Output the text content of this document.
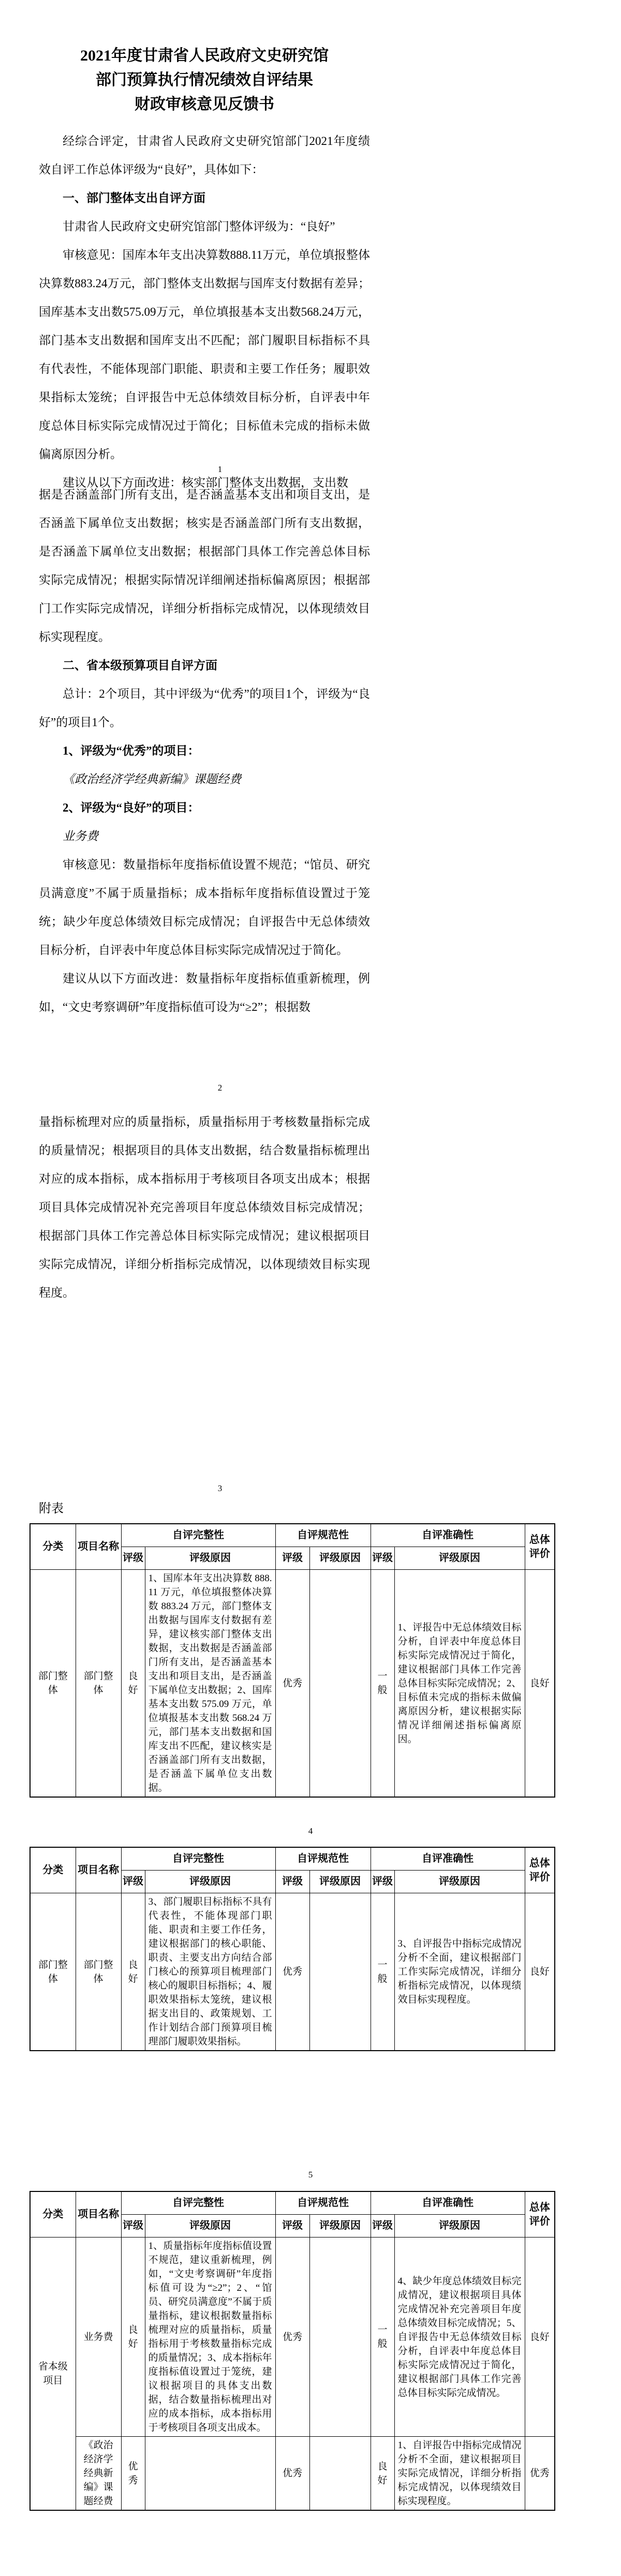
2021年度甘肃省人民政府文史研究馆
部门预算执行情况绩效自评结果
财政审核意见反馈书

经综合评定，甘肃省人民政府文史研究馆部门2021年度绩效自评工作总体评级为“良好”，具体如下：

一、部门整体支出自评方面

甘肃省人民政府文史研究馆部门整体评级为：“良好”

审核意见：国库本年支出决算数888.11万元，单位填报整体决算数883.24万元，部门整体支出数据与国库支付数据有差异；国库基本支出数575.09万元，单位填报基本支出数568.24万元，部门基本支出数据和国库支出不匹配；部门履职目标指标不具有代表性，不能体现部门职能、职责和主要工作任务；履职效果指标太笼统；自评报告中无总体绩效目标分析，自评表中年度总体目标实际完成情况过于简化；目标值未完成的指标未做偏离原因分析。

建议从以下方面改进：核实部门整体支出数据，支出数

1

据是否涵盖部门所有支出，是否涵盖基本支出和项目支出，是否涵盖下属单位支出数据；核实是否涵盖部门所有支出数据，是否涵盖下属单位支出数据；根据部门具体工作完善总体目标实际完成情况；根据实际情况详细阐述指标偏离原因；根据部门工作实际完成情况，详细分析指标完成情况，以体现绩效目标实现程度。

二、省本级预算项目自评方面

总计：2个项目，其中评级为“优秀”的项目1个，评级为“良好”的项目1个。

1、评级为“优秀”的项目：

《政治经济学经典新编》课题经费

2、评级为“良好”的项目：

业务费

审核意见：数量指标年度指标值设置不规范；“馆员、研究员满意度”不属于质量指标；成本指标年度指标值设置过于笼统；缺少年度总体绩效目标完成情况；自评报告中无总体绩效目标分析，自评表中年度总体目标实际完成情况过于简化。

建议从以下方面改进：数量指标年度指标值重新梳理，例如，“文史考察调研”年度指标值可设为“≥2”；根据数

2

量指标梳理对应的质量指标，质量指标用于考核数量指标完成的质量情况；根据项目的具体支出数据，结合数量指标梳理出对应的成本指标，成本指标用于考核项目各项支出成本；根据项目具体完成情况补充完善项目年度总体绩效目标完成情况；根据部门具体工作完善总体目标实际完成情况；建议根据项目实际完成情况，详细分析指标完成情况，以体现绩效目标实现程度。

3
附表
分类	项目名称	自评完整性		自评规范性		自评准确性		总体评价
		评级	评级原因	评级	评级原因	评级	评级原因	
部门整体	部门整体	良好	1、国库本年支出决算数 888.11 万元，单位填报整体决算数 883.24 万元，部门整体支出数据与国库支付数据有差异，建议核实部门整体支出数据，支出数据是否涵盖部门所有支出，是否涵盖基本支出和项目支出，是否涵盖下属单位支出数据；2、国库基本支出数 575.09 万元，单位填报基本支出数 568.24 万元，部门基本支出数据和国库支出不匹配，建议核实是否涵盖部门所有支出数据，是否涵盖下属单位支出数据。	优秀		一般	1、评报告中无总体绩效目标分析，自评表中年度总体目标实际完成情况过于简化，建议根据部门具体工作完善总体目标实际完成情况；2、目标值未完成的指标未做偏离原因分析，建议根据实际情况详细阐述指标偏离原因。	良好
4
分类	项目名称	自评完整性		自评规范性		自评准确性		总体评价
		评级	评级原因	评级	评级原因	评级	评级原因	
部门整体	部门整体	良好	3、部门履职目标指标不具有代表性，不能体现部门职能、职责和主要工作任务，建议根据部门的核心职能、职责、主要支出方向结合部门核心的预算项目梳理部门核心的履职目标指标；4、履职效果指标太笼统，建议根据支出目的、政策规划、工作计划结合部门预算项目梳理部门履职效果指标。	优秀		一般	3、自评报告中指标完成情况分析不全面，建议根据部门工作实际完成情况，详细分析指标完成情况，以体现绩效目标实现程度。	良好
5
分类	项目名称	自评完整性		自评规范性		自评准确性		总体评价
		评级	评级原因	评级	评级原因	评级	评级原因	
省本级项目	业务费	良好	1、质量指标年度指标值设置不规范，建议重新梳理，例如，“文史考察调研”年度指标值可设为“≥2”；2、“馆员、研究员满意度”不属于质量指标，建议根据数量指标梳理对应的质量指标，质量指标用于考核数量指标完成的质量情况；3、成本指标年度指标值设置过于笼统，建议根据项目的具体支出数据，结合数量指标梳理出对应的成本指标，成本指标用于考核项目各项支出成本。	优秀		一般	4、缺少年度总体绩效目标完成情况，建议根据项目具体完成情况补充完善项目年度总体绩效目标完成情况；5、自评报告中无总体绩效目标分析，自评表中年度总体目标实际完成情况过于简化，建议根据部门具体工作完善总体目标实际完成情况。	良好
	《政治经济学经典新编》课题经费	优秀		优秀		良好	1、自评报告中指标完成情况分析不全面，建议根据项目实际完成情况，详细分析指标完成情况，以体现绩效目标实现程度。	优秀
